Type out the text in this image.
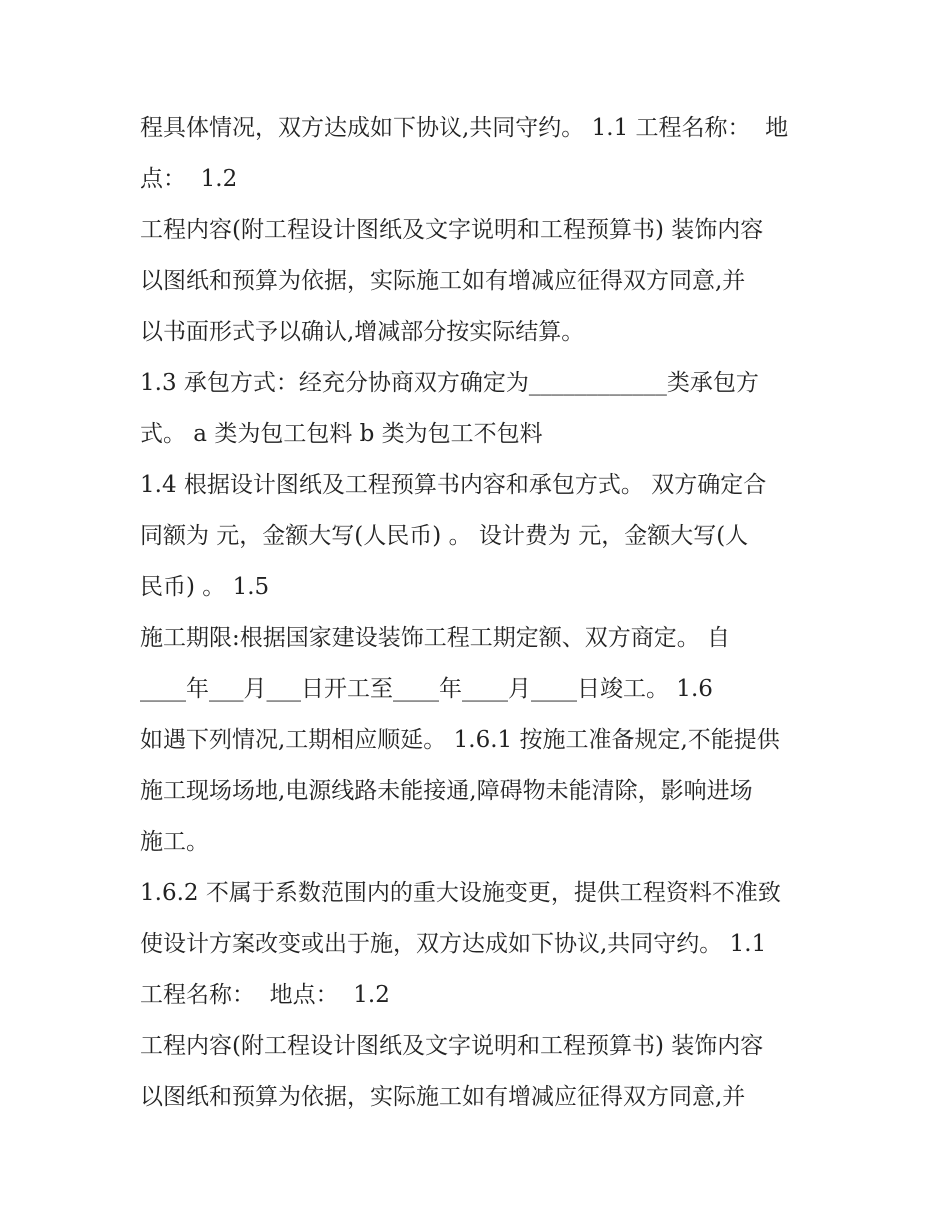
程具体情况，双方达成如下协议,共同守约。 1.1 工程名称：  地
点：  1.2
工程内容(附工程设计图纸及文字说明和工程预算书) 装饰内容
以图纸和预算为依据，实际施工如有增减应征得双方同意,并
以书面形式予以确认,增减部分按实际结算。
1.3 承包方式：经充分协商双方确定为____________类承包方
式。 a 类为包工包料 b 类为包工不包料
1.4 根据设计图纸及工程预算书内容和承包方式。 双方确定合
同额为 元，金额大写(人民币) 。 设计费为 元，金额大写(人
民币) 。 1.5
施工期限:根据国家建设装饰工程工期定额、双方商定。 自
____年___月___日开工至____年____月____日竣工。 1.6
如遇下列情况,工期相应顺延。 1.6.1 按施工准备规定,不能提供
施工现场场地,电源线路未能接通,障碍物未能清除，影响进场
施工。
1.6.2 不属于系数范围内的重大设施变更，提供工程资料不准致
使设计方案改变或出于施，双方达成如下协议,共同守约。 1.1
工程名称：  地点：  1.2
工程内容(附工程设计图纸及文字说明和工程预算书) 装饰内容
以图纸和预算为依据，实际施工如有增减应征得双方同意,并
